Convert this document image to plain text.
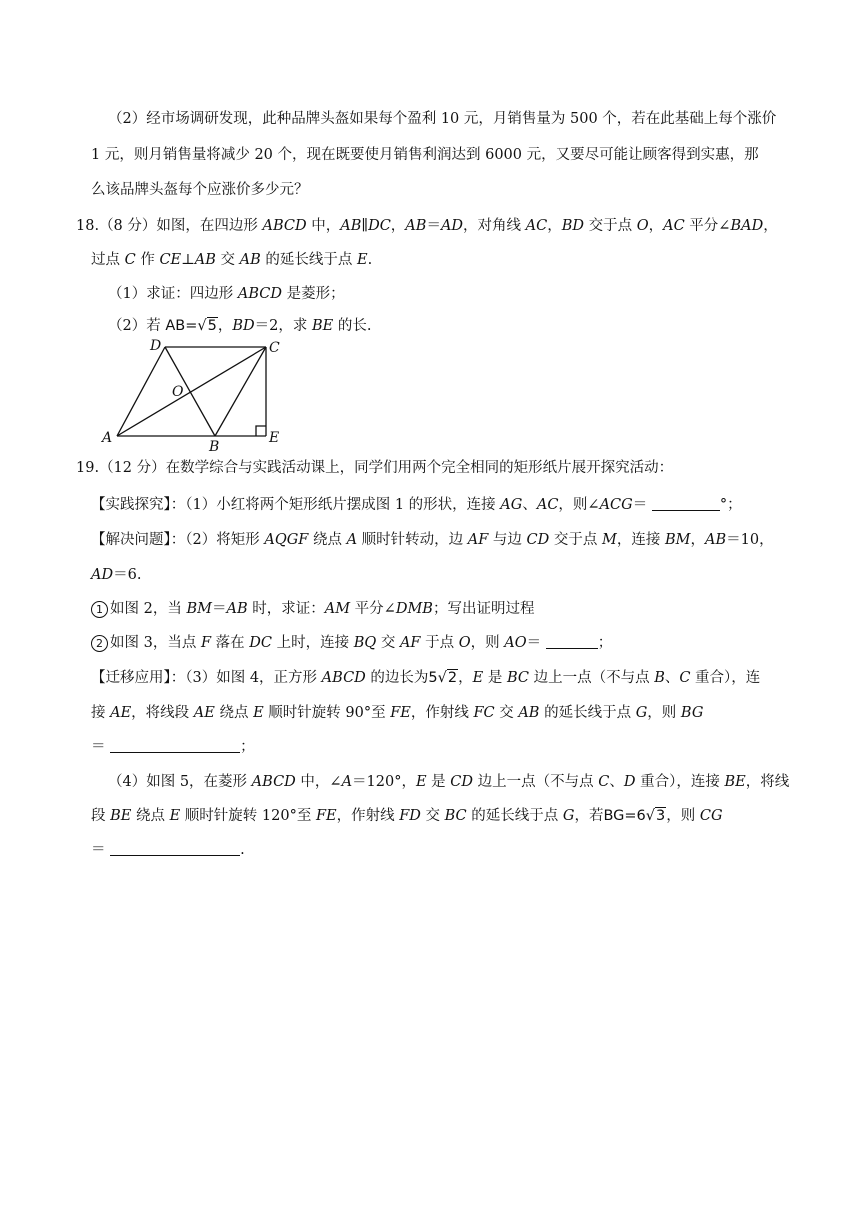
（2）经市场调研发现，此种品牌头盔如果每个盈利 10 元，月销售量为 500 个，若在此基础上每个涨价
1 元，则月销售量将减少 20 个，现在既要使月销售利润达到 6000 元，又要尽可能让顾客得到实惠，那
么该品牌头盔每个应涨价多少元？
18.（8 分）如图，在四边形 ABCD 中，AB∥DC，AB＝AD，对角线 AC，BD 交于点 O，AC 平分∠BAD，
过点 C 作 CE⊥AB 交 AB 的延长线于点 E.
（1）求证：四边形 ABCD 是菱形；
（2）若 AB=√5，BD＝2，求 BE 的长.
D	C
O
A
B
E
19.（12 分）在数学综合与实践活动课上，同学们用两个完全相同的矩形纸片展开探究活动：
【实践探究】：（1）小红将两个矩形纸片摆成图 1 的形状，连接 AG、AC，则∠ACG＝	°；
【解决问题】：（2）将矩形 AQGF 绕点 A 顺时针转动，边 AF 与边 CD 交于点 M，连接 BM，AB＝10，
AD＝6.
1 如图 2，当 BM＝AB 时，求证：AM 平分∠DMB；写出证明过程
2 如图 3，当点 F 落在 DC 上时，连接 BQ 交 AF 于点 O，则 AO＝	；
【迁移应用】：（3）如图 4，正方形 ABCD 的边长为5√2，E 是 BC 边上一点（不与点 B、C 重合），连
接 AE，将线段 AE 绕点 E 顺时针旋转 90°至 FE，作射线 FC 交 AB 的延长线于点 G，则 BG
＝	；
（4）如图 5，在菱形 ABCD 中，∠A＝120°，E 是 CD 边上一点（不与点 C、D 重合），连接 BE，将线
段 BE 绕点 E 顺时针旋转 120°至 FE，作射线 FD 交 BC 的延长线于点 G，若BG=6√3，则 CG
＝	.
